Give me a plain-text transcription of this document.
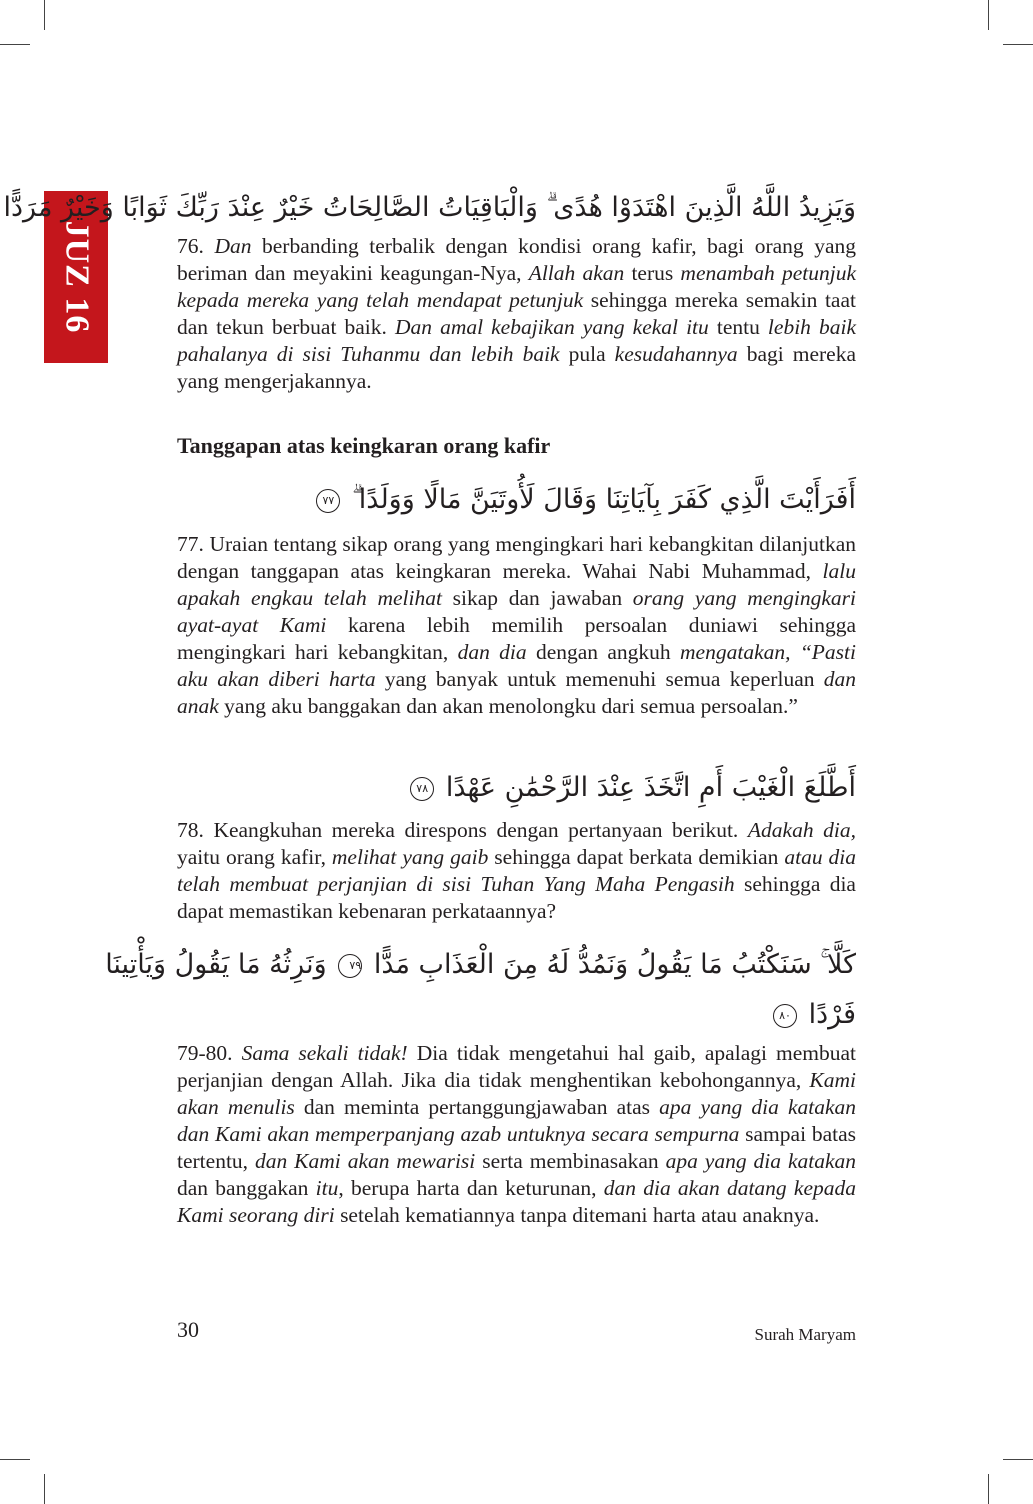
JUZ 16
وَيَزِيدُ اللَّهُ الَّذِينَ اهْتَدَوْا هُدًى ۗ وَالْبَاقِيَاتُ الصَّالِحَاتُ خَيْرٌ عِنْدَ رَبِّكَ ثَوَابًا وَخَيْرٌ مَرَدًّا
76. Dan berbanding terbalik dengan kondisi orang kafir, bagi orang yang beriman dan meyakini keagungan-Nya, Allah akan terus menambah petunjuk kepada mereka yang telah mendapat petunjuk sehingga mereka semakin taat dan tekun berbuat baik. Dan amal kebajikan yang kekal itu tentu lebih baik pahalanya di sisi Tuhanmu dan lebih baik pula kesudahannya bagi mereka yang mengerjakannya.
Tanggapan atas keingkaran orang kafir
أَفَرَأَيْتَ الَّذِي كَفَرَ بِآيَاتِنَا وَقَالَ لَأُوتَيَنَّ مَالًا وَوَلَدًا ۗ ٧٧
77. Uraian tentang sikap orang yang mengingkari hari kebangkitan dilanjutkan dengan tanggapan atas keingkaran mereka. Wahai Nabi Muhammad, lalu apakah engkau telah melihat sikap dan jawaban orang yang mengingkari ayat-ayat Kami karena lebih memilih persoalan duniawi sehingga mengingkari hari kebangkitan, dan dia dengan angkuh mengatakan, “Pasti aku akan diberi harta yang banyak untuk memenuhi semua keperluan dan anak yang aku banggakan dan akan menolongku dari semua persoalan.”
أَطَّلَعَ الْغَيْبَ أَمِ اتَّخَذَ عِنْدَ الرَّحْمَٰنِ عَهْدًا ٧٨
78. Keangkuhan mereka direspons dengan pertanyaan berikut. Adakah dia, yaitu orang kafir, melihat yang gaib sehingga dapat berkata demikian atau dia telah membuat perjanjian di sisi Tuhan Yang Maha Pengasih sehingga dia dapat memastikan kebenaran perkataannya?
كَلَّا ۚ سَنَكْتُبُ مَا يَقُولُ وَنَمُدُّ لَهُ مِنَ الْعَذَابِ مَدًّا ٧٩ وَنَرِثُهُ مَا يَقُولُ وَيَأْتِينَا
فَرْدًا ٨٠
79-80. Sama sekali tidak! Dia tidak mengetahui hal gaib, apalagi membuat perjanjian dengan Allah. Jika dia tidak menghentikan kebohongannya, Kami akan menulis dan meminta pertanggungjawaban atas apa yang dia katakan dan Kami akan memperpanjang azab untuknya secara sempurna sampai batas tertentu, dan Kami akan mewarisi serta membinasakan apa yang dia katakan dan banggakan itu, berupa harta dan keturunan, dan dia akan datang kepada Kami seorang diri setelah kematiannya tanpa ditemani harta atau anaknya.
30	Surah Maryam
